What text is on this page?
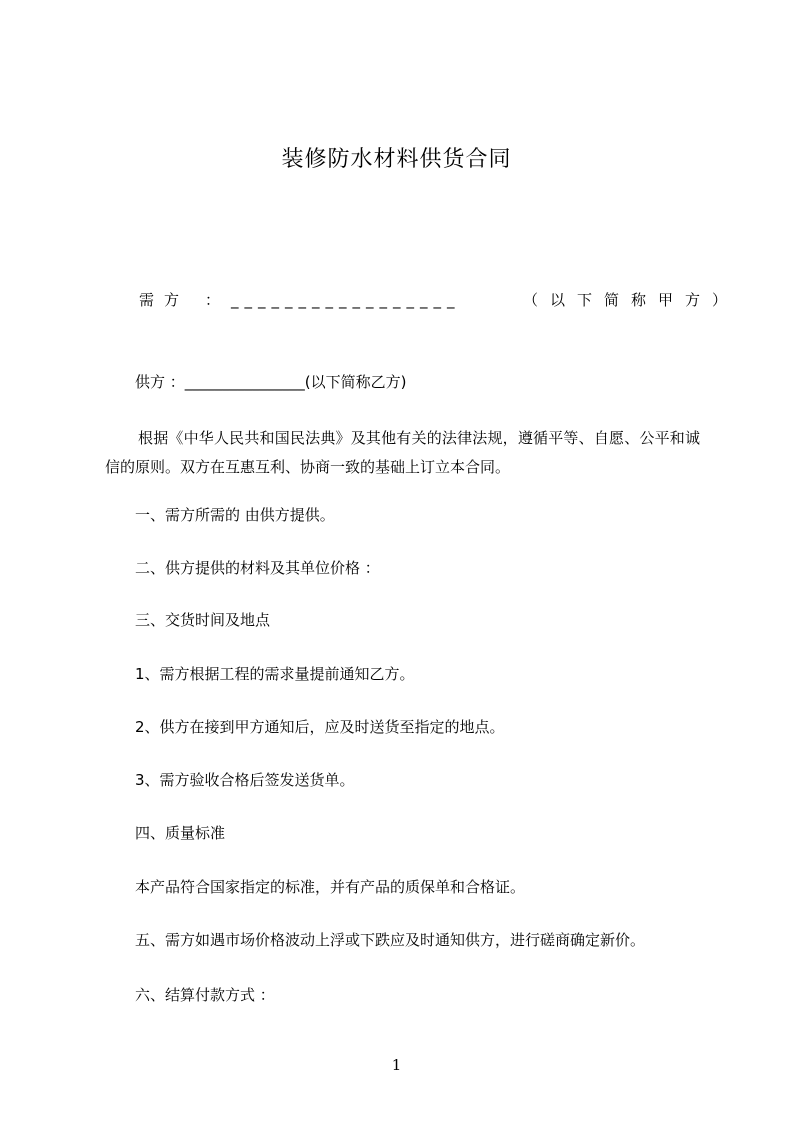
装修防水材料供货合同
需方 ： _________________	（以下简称甲方）
供方 ：________________(以下简称乙方)
根据《中华人民共和国民法典》及其他有关的法律法规，遵循平等、自愿、公平和诚信的原则。双方在互惠互利、协商一致的基础上订立本合同。
一、需方所需的 由供方提供。
二、供方提供的材料及其单位价格 ：
三、交货时间及地点
1、需方根据工程的需求量提前通知乙方。
2、供方在接到甲方通知后，应及时送货至指定的地点。
3、需方验收合格后签发送货单。
四、质量标准
本产品符合国家指定的标准，并有产品的质保单和合格证。
五、需方如遇市场价格波动上浮或下跌应及时通知供方，进行磋商确定新价。
六、结算付款方式 ：
1
